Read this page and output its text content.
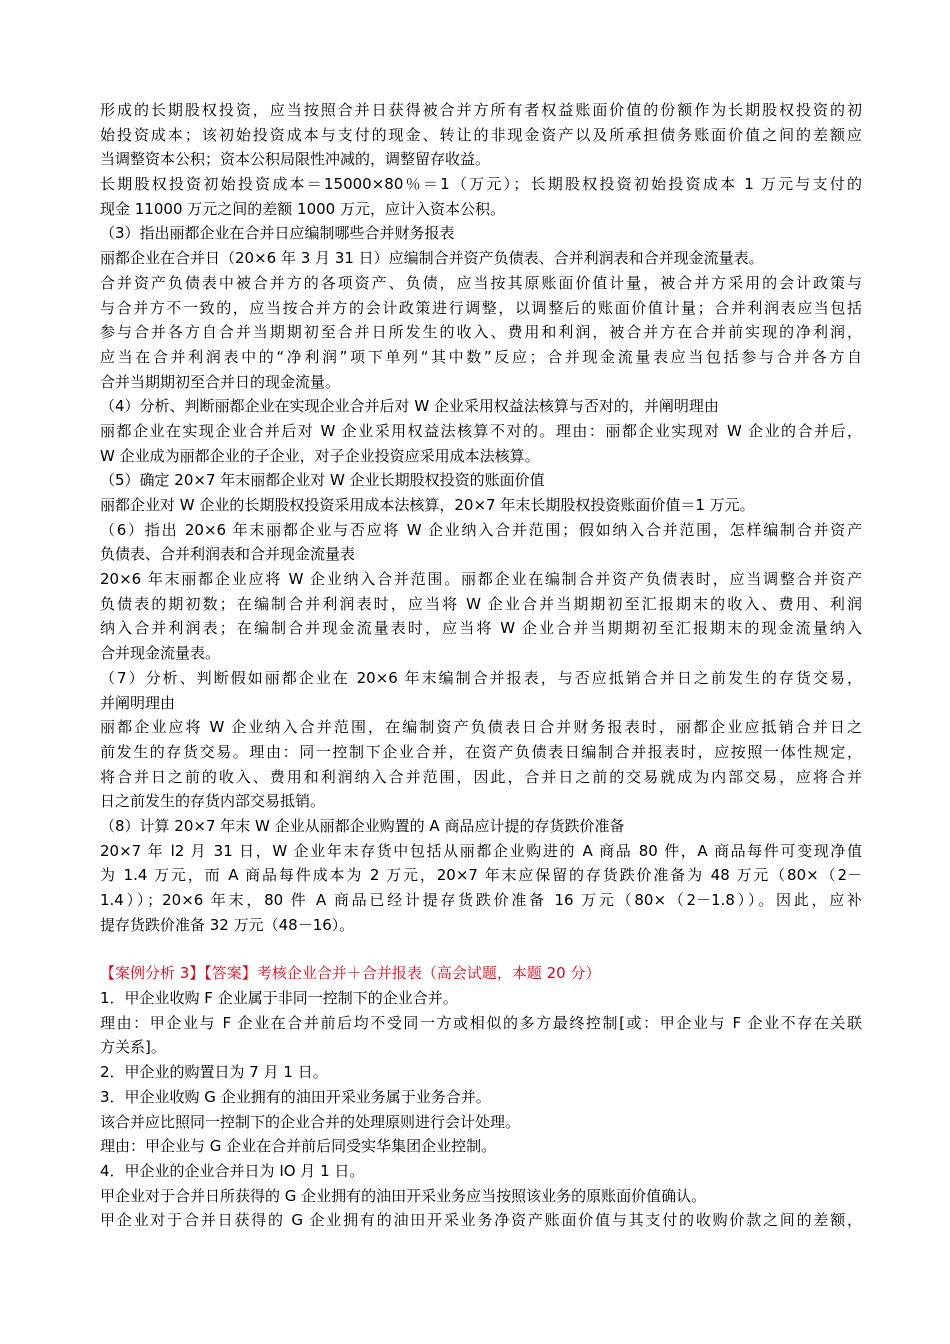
形成的长期股权投资，应当按照合并日获得被合并方所有者权益账面价值的份额作为长期股权投资的初
始投资成本；该初始投资成本与支付的现金、转让的非现金资产以及所承担债务账面价值之间的差额应
当调整资本公积；资本公积局限性冲减的，调整留存收益。
长期股权投资初始投资成本＝15000×80％＝1（万元）；长期股权投资初始投资成本 1 万元与支付的
现金 11000 万元之间的差额 1000 万元，应计入资本公积。
（3）指出丽都企业在合并日应编制哪些合并财务报表
丽都企业在合并日（20×6 年 3 月 31 日）应编制合并资产负债表、合并利润表和合并现金流量表。
合并资产负债表中被合并方的各项资产、负债，应当按其原账面价值计量，被合并方采用的会计政策与
与合并方不一致的，应当按合并方的会计政策进行调整，以调整后的账面价值计量；合并利润表应当包括
参与合并各方自合并当期期初至合并日所发生的收入、费用和利润，被合并方在合并前实现的净利润，
应当在合并利润表中的“净利润”项下单列“其中数”反应；合并现金流量表应当包括参与合并各方自
合并当期期初至合并日的现金流量。
（4）分析、判断丽都企业在实现企业合并后对 W 企业采用权益法核算与否对的，并阐明理由
丽都企业在实现企业合并后对 W 企业采用权益法核算不对的。理由：丽都企业实现对 W 企业的合并后，
W 企业成为丽都企业的子企业，对子企业投资应采用成本法核算。
（5）确定 20×7 年末丽都企业对 W 企业长期股权投资的账面价值
丽都企业对 W 企业的长期股权投资采用成本法核算，20×7 年末长期股权投资账面价值＝1 万元。
（6）指出 20×6 年末丽都企业与否应将 W 企业纳入合并范围；假如纳入合并范围，怎样编制合并资产
负债表、合并利润表和合并现金流量表
20×6 年末丽都企业应将 W 企业纳入合并范围。丽都企业在编制合并资产负债表时，应当调整合并资产
负债表的期初数；在编制合并利润表时，应当将 W 企业合并当期期初至汇报期末的收入、费用、利润
纳入合并利润表；在编制合并现金流量表时，应当将 W 企业合并当期期初至汇报期末的现金流量纳入
合并现金流量表。
（7）分析、判断假如丽都企业在 20×6 年末编制合并报表，与否应抵销合并日之前发生的存货交易，
并阐明理由
丽都企业应将 W 企业纳入合并范围，在编制资产负债表日合并财务报表时，丽都企业应抵销合并日之
前发生的存货交易。理由：同一控制下企业合并，在资产负债表日编制合并报表时，应按照一体性规定，
将合并日之前的收入、费用和利润纳入合并范围，因此，合并日之前的交易就成为内部交易，应将合并
日之前发生的存货内部交易抵销。
（8）计算 20×7 年末 W 企业从丽都企业购置的 A 商品应计提的存货跌价准备
20×7 年 l2 月 31 日，W 企业年末存货中包括从丽都企业购进的 A 商品 80 件，A 商品每件可变现净值
为 1.4 万元，而 A 商品每件成本为 2 万元，20×7 年末应保留的存货跌价准备为 48 万元（80×（2－
1.4））；20×6 年末，80 件 A 商品已经计提存货跌价准备 16 万元（80×（2－1.8））。因此，应补
提存货跌价准备 32 万元（48－16）。
【案例分析 3】【答案】考核企业合并＋合并报表（高会试题，本题 20 分）
1．甲企业收购 F 企业属于非同一控制下的企业合并。
理由：甲企业与 F 企业在合并前后均不受同一方或相似的多方最终控制[或：甲企业与 F 企业不存在关联
方关系]。
2．甲企业的购置日为 7 月 1 日。
3．甲企业收购 G 企业拥有的油田开采业务属于业务合并。
该合并应比照同一控制下的企业合并的处理原则进行会计处理。
理由：甲企业与 G 企业在合并前后同受实华集团企业控制。
4．甲企业的企业合并日为 IO 月 1 日。
甲企业对于合并日所获得的 G 企业拥有的油田开采业务应当按照该业务的原账面价值确认。
甲企业对于合并日获得的 G 企业拥有的油田开采业务净资产账面价值与其支付的收购价款之间的差额，
